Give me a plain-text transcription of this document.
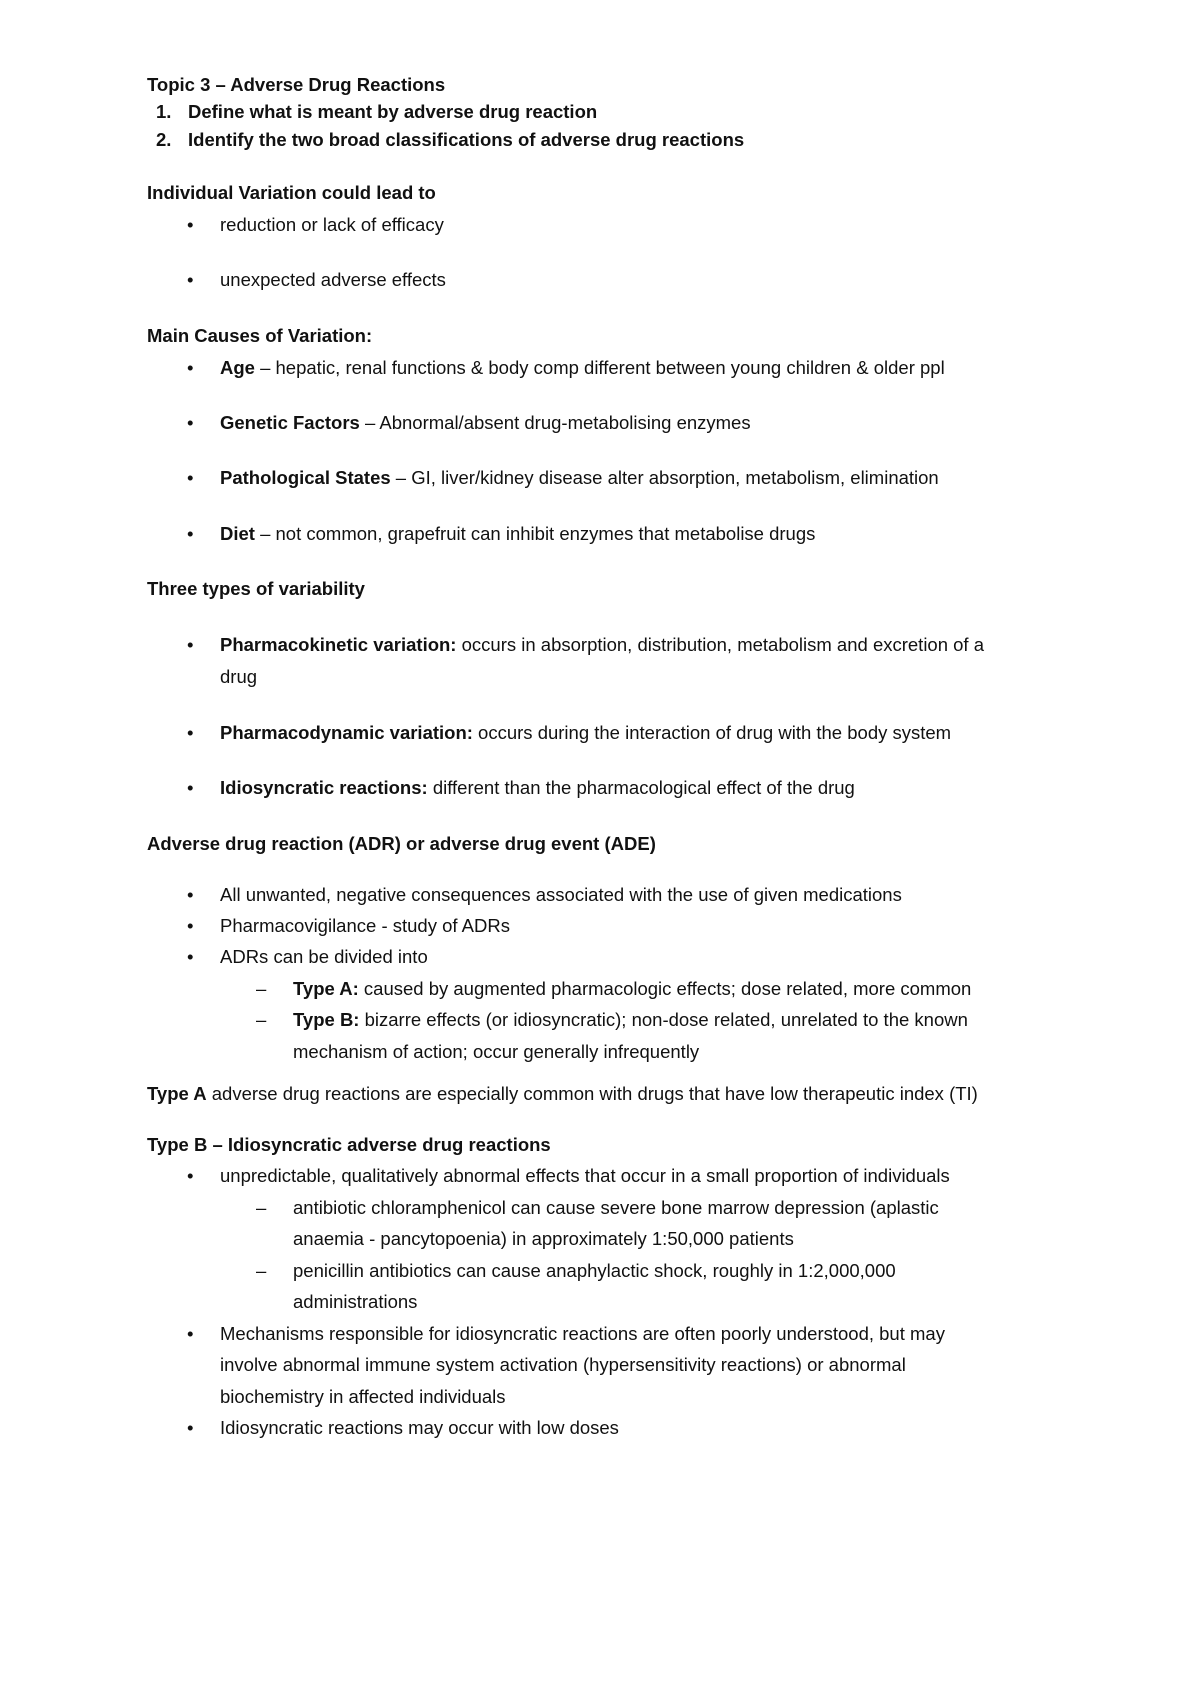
Topic 3 – Adverse Drug Reactions
1. Define what is meant by adverse drug reaction
2. Identify the two broad classifications of adverse drug reactions
Individual Variation could lead to
• reduction or lack of efficacy
• unexpected adverse effects
Main Causes of Variation:
• Age – hepatic, renal functions & body comp different between young children & older ppl
• Genetic Factors – Abnormal/absent drug-metabolising enzymes
• Pathological States – GI, liver/kidney disease alter absorption, metabolism, elimination
• Diet – not common, grapefruit can inhibit enzymes that metabolise drugs
Three types of variability
• Pharmacokinetic variation: occurs in absorption, distribution, metabolism and excretion of a
drug
• Pharmacodynamic variation: occurs during the interaction of drug with the body system
• Idiosyncratic reactions: different than the pharmacological effect of the drug
Adverse drug reaction (ADR) or adverse drug event (ADE)
• All unwanted, negative consequences associated with the use of given medications
• Pharmacovigilance - study of ADRs
• ADRs can be divided into
– Type A: caused by augmented pharmacologic effects; dose related, more common
– Type B: bizarre effects (or idiosyncratic); non-dose related, unrelated to the known
mechanism of action; occur generally infrequently
Type A adverse drug reactions are especially common with drugs that have low therapeutic index (TI)
Type B – Idiosyncratic adverse drug reactions
• unpredictable, qualitatively abnormal effects that occur in a small proportion of individuals
– antibiotic chloramphenicol can cause severe bone marrow depression (aplastic
anaemia - pancytopoenia) in approximately 1:50,000 patients
– penicillin antibiotics can cause anaphylactic shock, roughly in 1:2,000,000
administrations
• Mechanisms responsible for idiosyncratic reactions are often poorly understood, but may
involve abnormal immune system activation (hypersensitivity reactions) or abnormal
biochemistry in affected individuals
• Idiosyncratic reactions may occur with low doses
